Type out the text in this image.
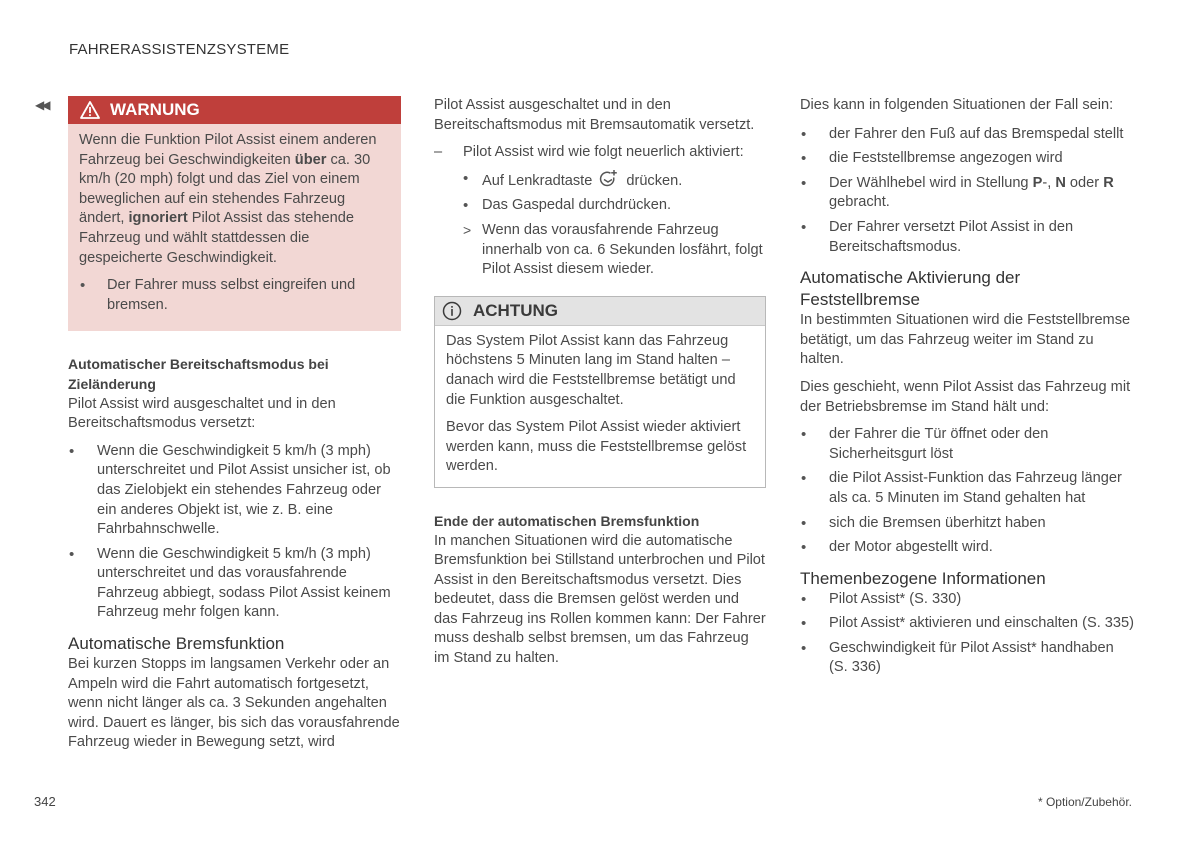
FAHRERASSISTENZSYSTEME
◀◀	WARNUNG

Wenn die Funktion Pilot Assist einem anderen Fahrzeug bei Geschwindigkeiten über ca. 30 km/h (20 mph) folgt und das Ziel von einem beweglichen auf ein stehendes Fahrzeug ändert, ignoriert Pilot Assist das stehende Fahrzeug und wählt stattdessen die gespeicherte Geschwindigkeit.

• Der Fahrer muss selbst eingreifen und bremsen.

Automatischer Bereitschaftsmodus bei Zieländerung

Pilot Assist wird ausgeschaltet und in den Bereitschaftsmodus versetzt:

• Wenn die Geschwindigkeit 5 km/h (3 mph) unterschreitet und Pilot Assist unsicher ist, ob das Zielobjekt ein stehendes Fahrzeug oder ein anderes Objekt ist, wie z. B. eine Fahrbahnschwelle.
• Wenn die Geschwindigkeit 5 km/h (3 mph) unterschreitet und das vorausfahrende Fahrzeug abbiegt, sodass Pilot Assist keinem Fahrzeug mehr folgen kann.

Automatische Bremsfunktion

Bei kurzen Stopps im langsamen Verkehr oder an Ampeln wird die Fahrt automatisch fortgesetzt, wenn nicht länger als ca. 3 Sekunden angehalten wird. Dauert es länger, bis sich das vorausfahrende Fahrzeug wieder in Bewegung setzt, wird

Pilot Assist ausgeschaltet und in den Bereitschaftsmodus mit Bremsautomatik versetzt.

– Pilot Assist wird wie folgt neuerlich aktiviert:
• Auf Lenkradtaste drücken.
• Das Gaspedal durchdrücken.
> Wenn das vorausfahrende Fahrzeug innerhalb von ca. 6 Sekunden losfährt, folgt Pilot Assist diesem wieder.
ACHTUNG

Das System Pilot Assist kann das Fahrzeug höchstens 5 Minuten lang im Stand halten – danach wird die Feststellbremse betätigt und die Funktion ausgeschaltet.

Bevor das System Pilot Assist wieder aktiviert werden kann, muss die Feststellbremse gelöst werden.

Ende der automatischen Bremsfunktion

In manchen Situationen wird die automatische Bremsfunktion bei Stillstand unterbrochen und Pilot Assist in den Bereitschaftsmodus versetzt. Dies bedeutet, dass die Bremsen gelöst werden und das Fahrzeug ins Rollen kommen kann: Der Fahrer muss deshalb selbst bremsen, um das Fahrzeug im Stand zu halten.

Dies kann in folgenden Situationen der Fall sein:

• der Fahrer den Fuß auf das Bremspedal stellt
• die Feststellbremse angezogen wird
• Der Wählhebel wird in Stellung P-, N oder R gebracht.
• Der Fahrer versetzt Pilot Assist in den Bereitschaftsmodus.

Automatische Aktivierung der Feststellbremse

In bestimmten Situationen wird die Feststellbremse betätigt, um das Fahrzeug weiter im Stand zu halten.

Dies geschieht, wenn Pilot Assist das Fahrzeug mit der Betriebsbremse im Stand hält und:

• der Fahrer die Tür öffnet oder den Sicherheitsgurt löst
• die Pilot Assist-Funktion das Fahrzeug länger als ca. 5 Minuten im Stand gehalten hat
• sich die Bremsen überhitzt haben
• der Motor abgestellt wird.

Themenbezogene Informationen

• Pilot Assist* (S. 330)
• Pilot Assist* aktivieren und einschalten (S. 335)
• Geschwindigkeit für Pilot Assist* handhaben (S. 336)
342	* Option/Zubehör.
